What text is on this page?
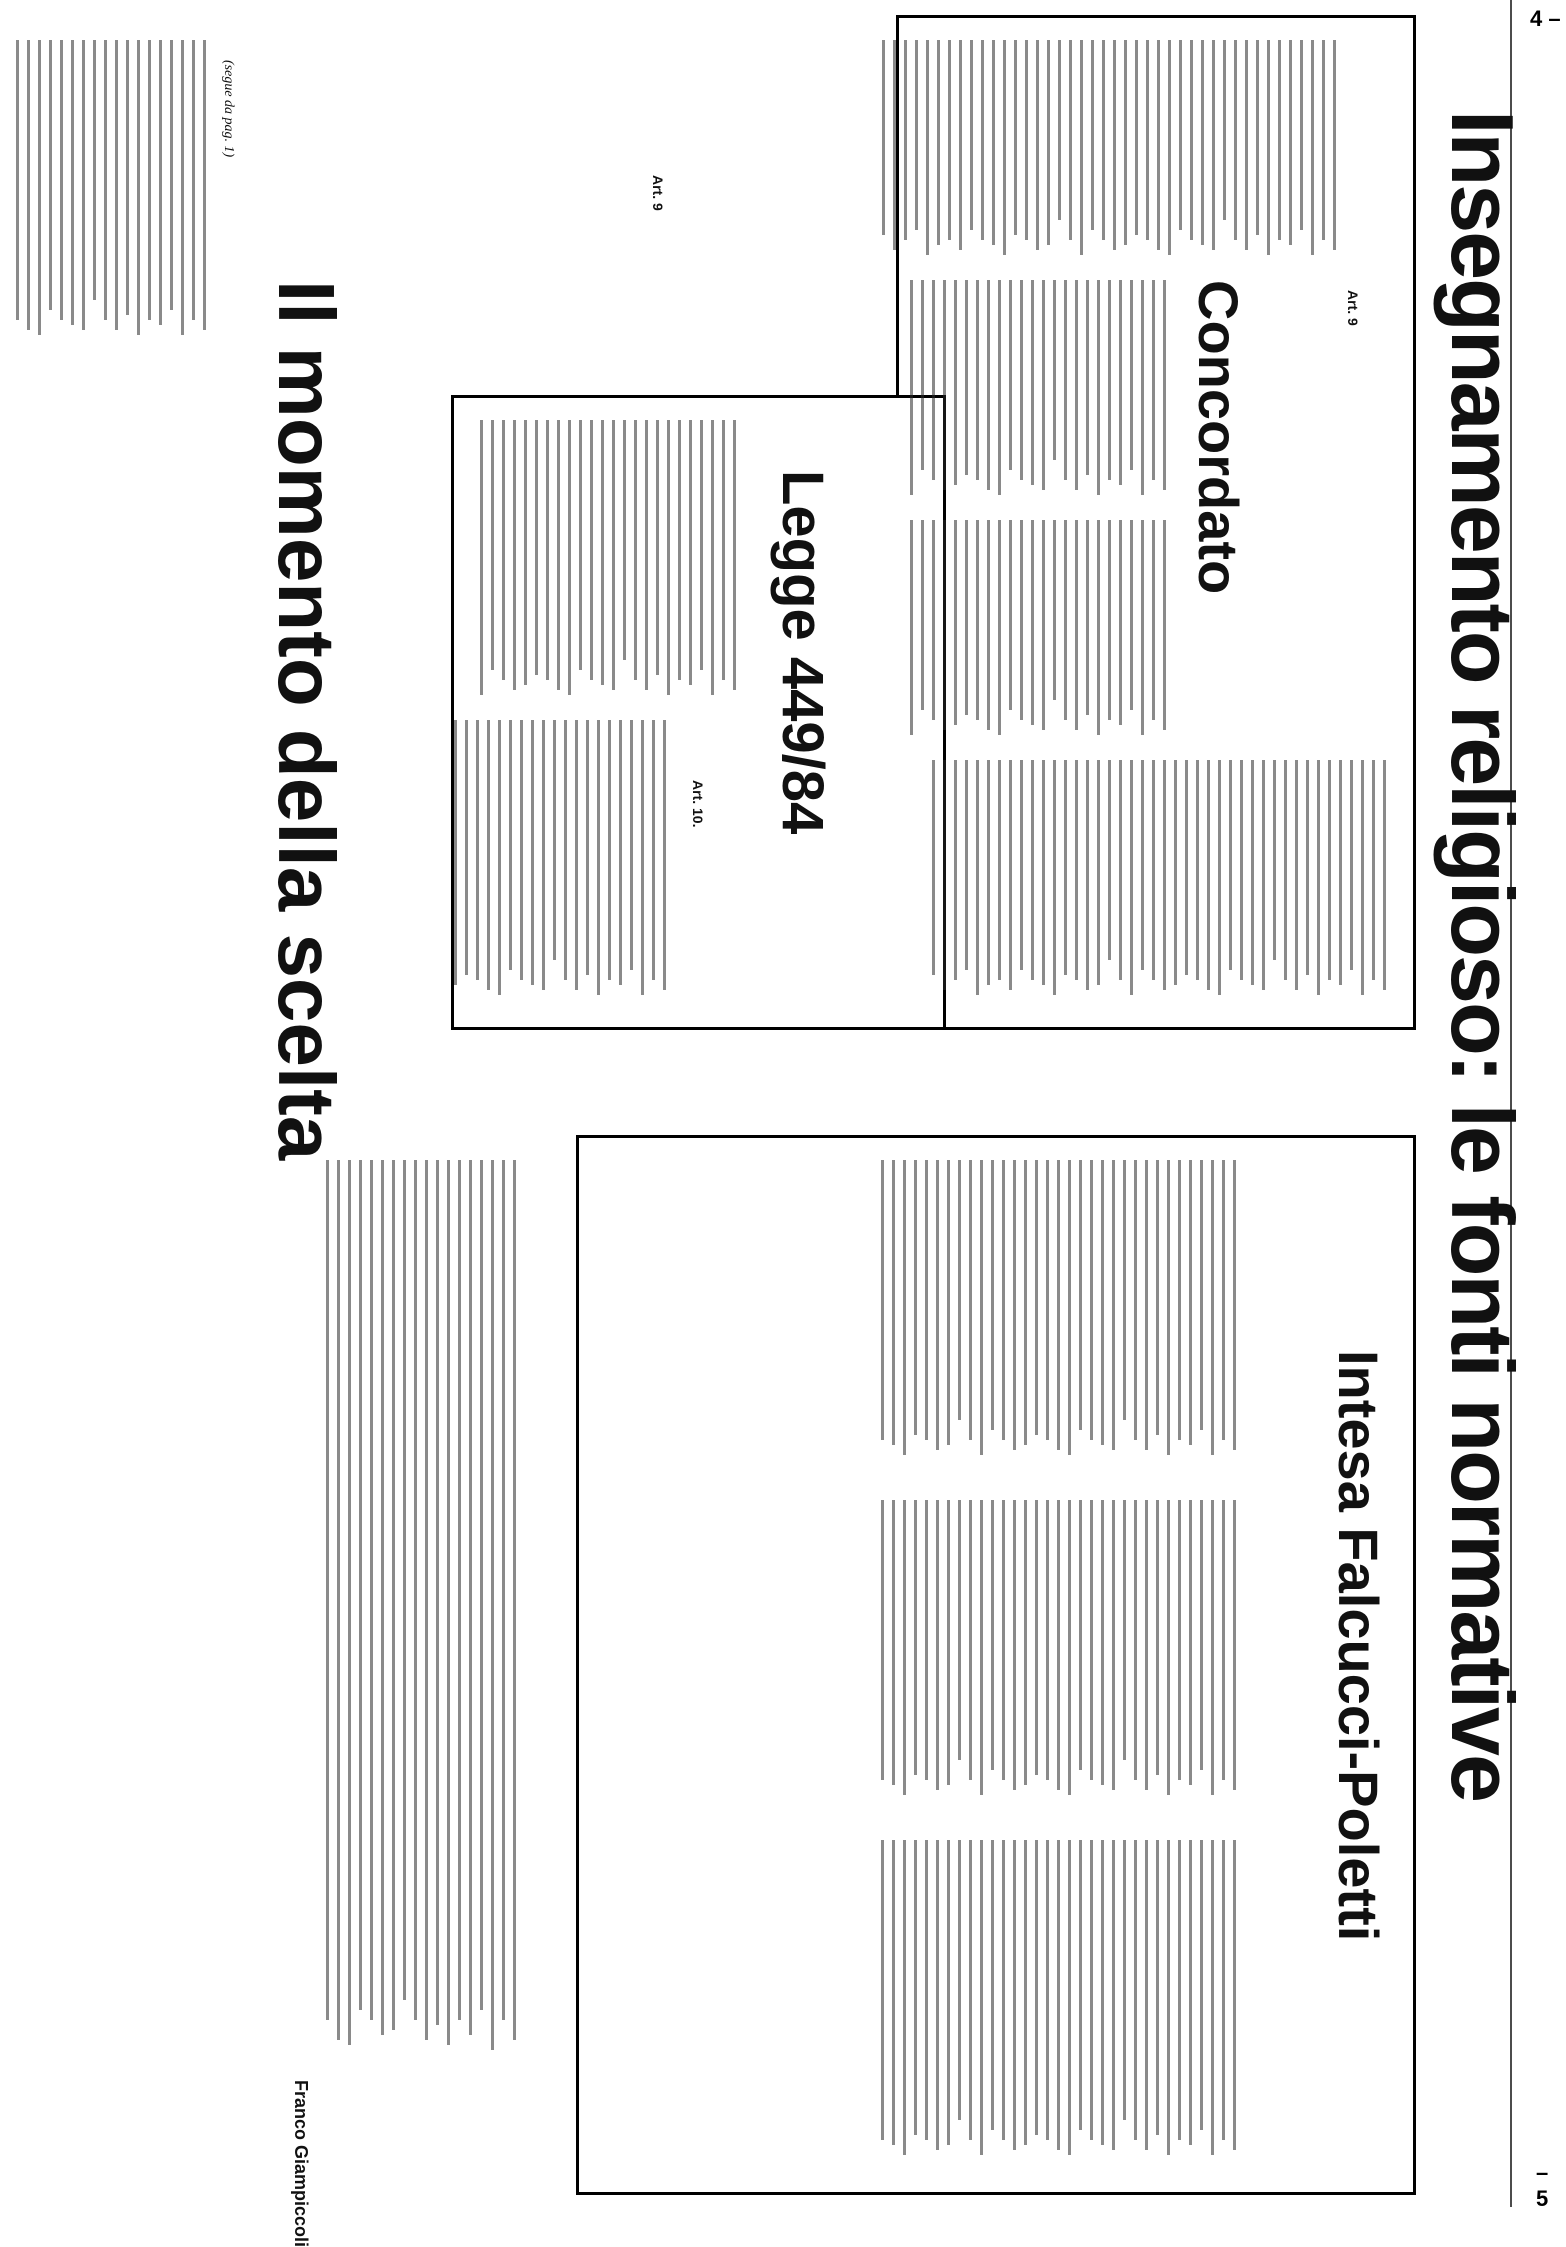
4 –
– 5
Insegnamento religioso: le fonti normative
Concordato	Art. 9
Legge 449/84
Art. 9
Art. 10.
Intesa Falcucci-Poletti
Il momento della scelta
(segue da pag. 1)
Franco Giampiccoli
